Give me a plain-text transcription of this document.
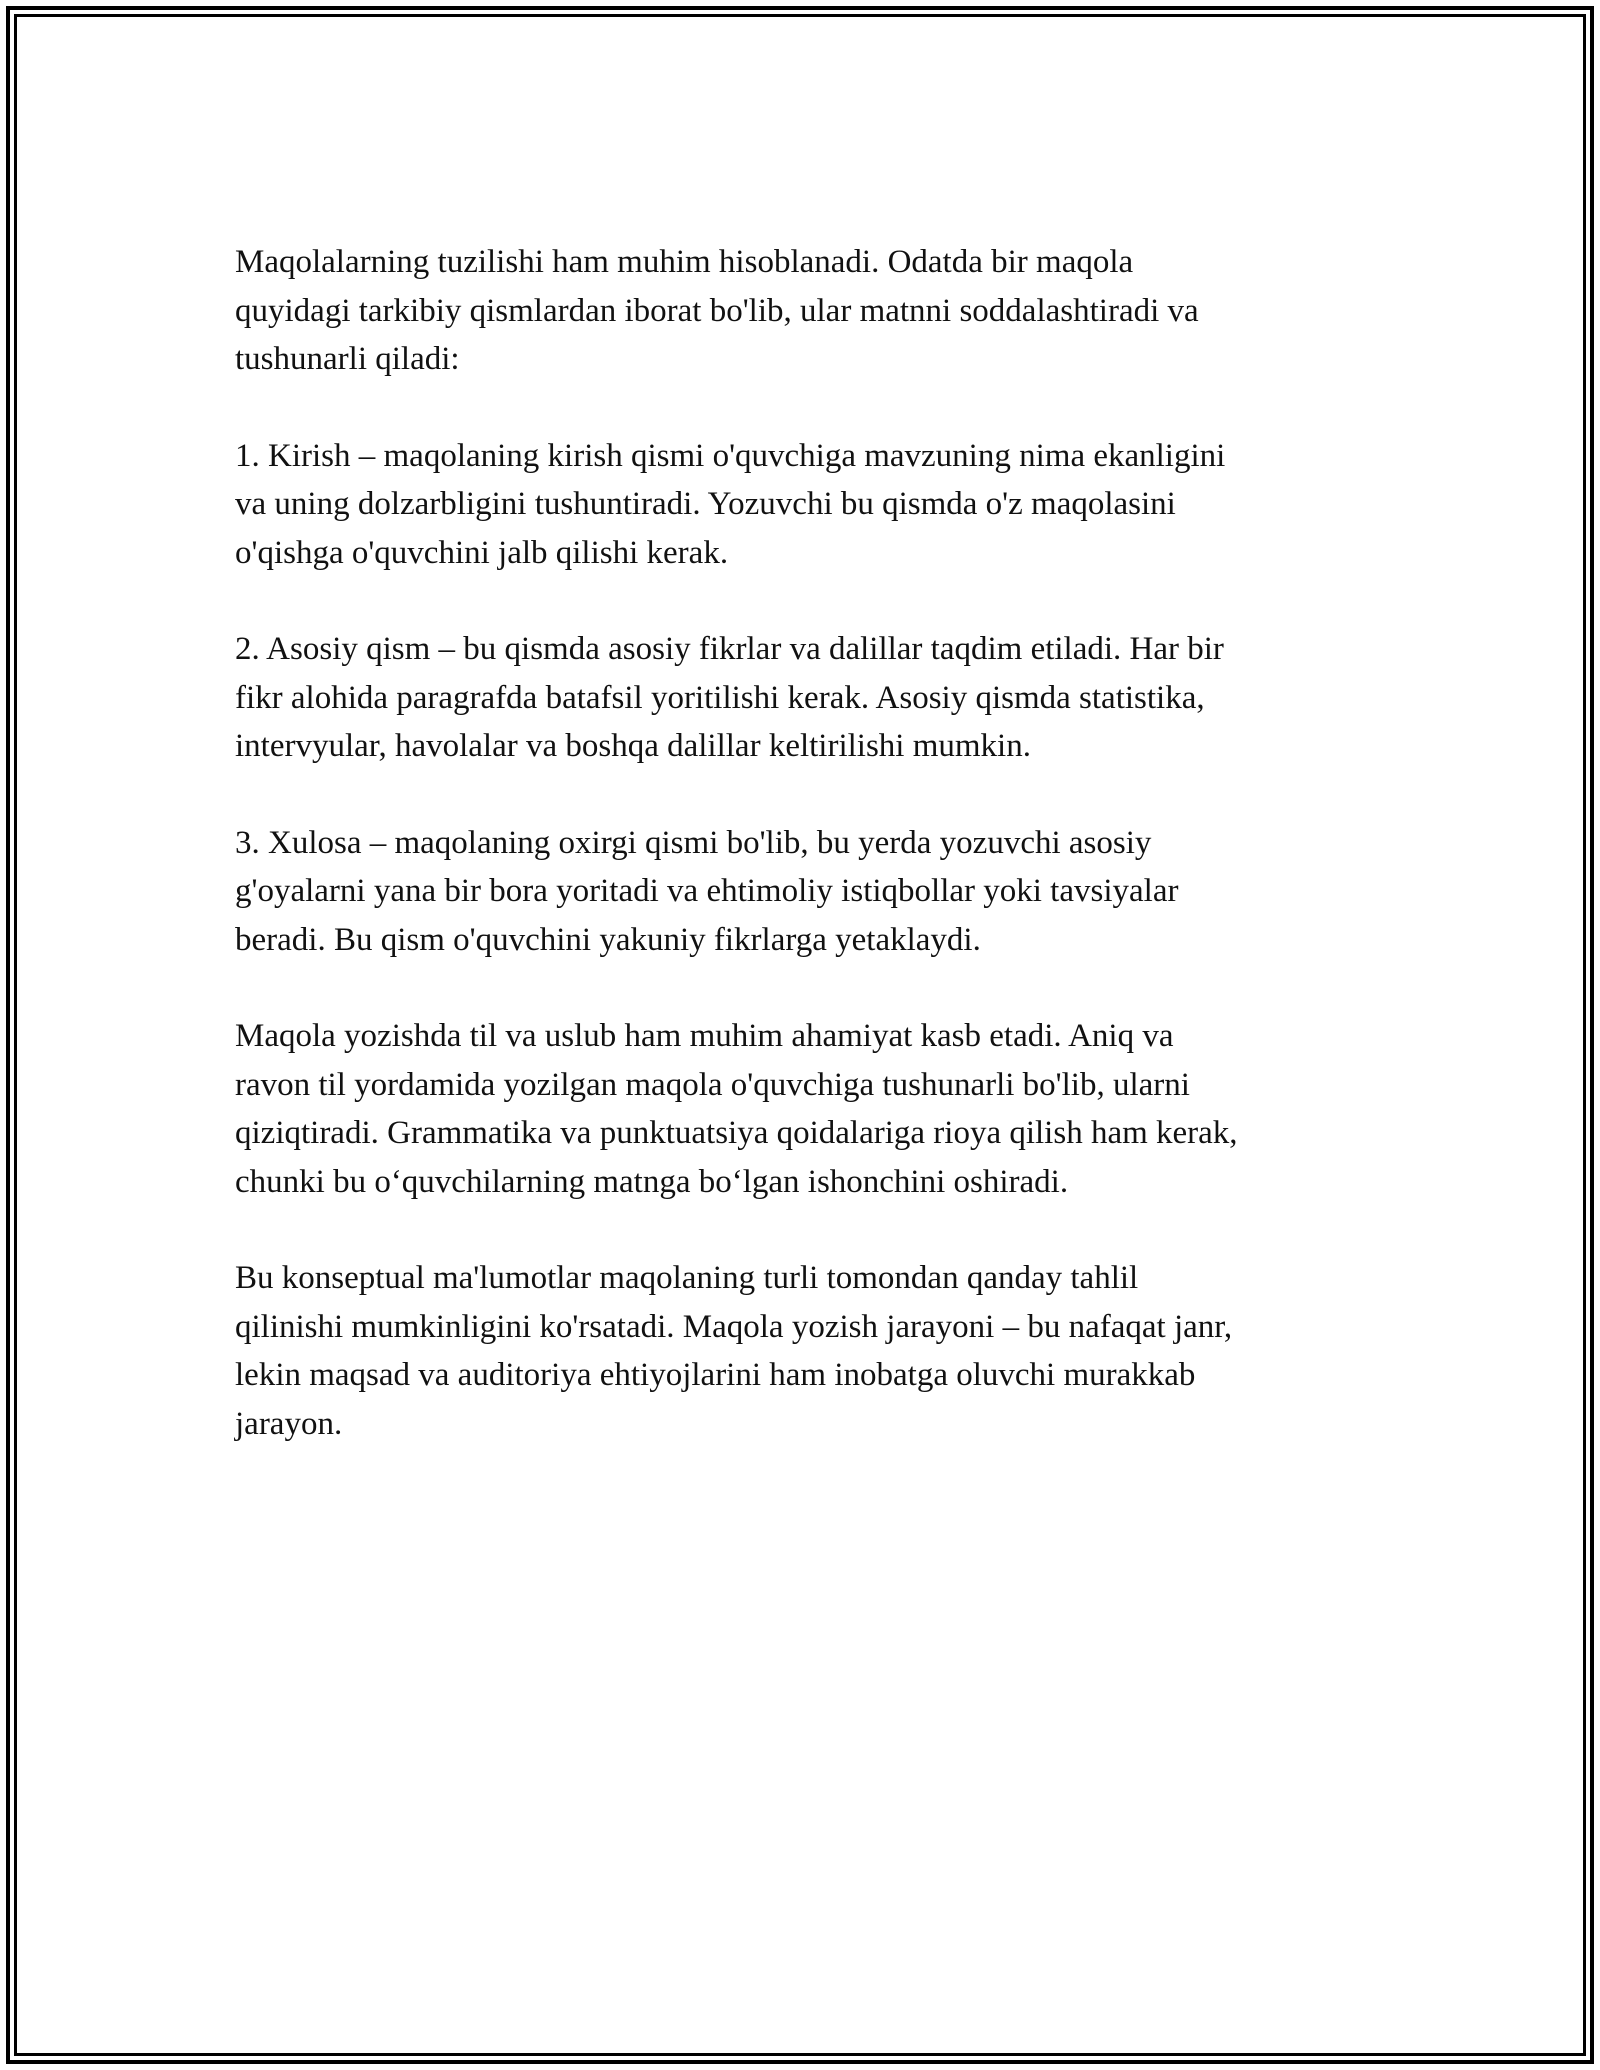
Maqolalarning tuzilishi ham muhim hisoblanadi. Odatda bir maqola
quyidagi tarkibiy qismlardan iborat bo'lib, ular matnni soddalashtiradi va
tushunarli qiladi:

1. Kirish – maqolaning kirish qismi o'quvchiga mavzuning nima ekanligini
va uning dolzarbligini tushuntiradi. Yozuvchi bu qismda o'z maqolasini
o'qishga o'quvchini jalb qilishi kerak.

2. Asosiy qism – bu qismda asosiy fikrlar va dalillar taqdim etiladi. Har bir
fikr alohida paragrafda batafsil yoritilishi kerak. Asosiy qismda statistika,
intervyular, havolalar va boshqa dalillar keltirilishi mumkin.

3. Xulosa – maqolaning oxirgi qismi bo'lib, bu yerda yozuvchi asosiy
g'oyalarni yana bir bora yoritadi va ehtimoliy istiqbollar yoki tavsiyalar
beradi. Bu qism o'quvchini yakuniy fikrlarga yetaklaydi.

Maqola yozishda til va uslub ham muhim ahamiyat kasb etadi. Aniq va
ravon til yordamida yozilgan maqola o'quvchiga tushunarli bo'lib, ularni
qiziqtiradi. Grammatika va punktuatsiya qoidalariga rioya qilish ham kerak,
chunki bu o‘quvchilarning matnga bo‘lgan ishonchini oshiradi.

Bu konseptual ma'lumotlar maqolaning turli tomondan qanday tahlil
qilinishi mumkinligini ko'rsatadi. Maqola yozish jarayoni – bu nafaqat janr,
lekin maqsad va auditoriya ehtiyojlarini ham inobatga oluvchi murakkab
jarayon.
